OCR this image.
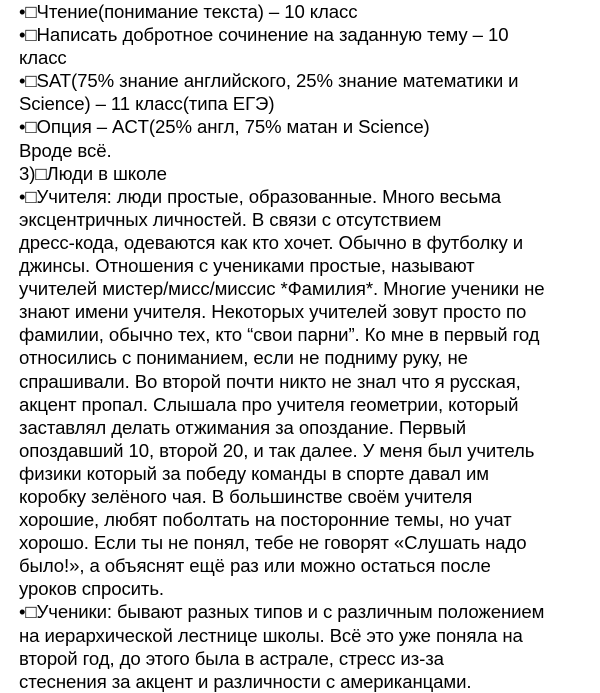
•□Чтение(понимание текста) – 10 класс
•□Написать добротное сочинение на заданную тему – 10
класс
•□SAT(75% знание английского, 25% знание математики и
Science) – 11 класс(типа ЕГЭ)
•□Опция – ACT(25% англ, 75% матан и Science)
Вроде всё.
3)□Люди в школе
•□Учителя: люди простые, образованные. Много весьма
эксцентричных личностей. В связи с отсутствием
дресс-кода, одеваются как кто хочет. Обычно в футболку и
джинсы. Отношения с учениками простые, называют
учителей мистер/мисс/миссис *Фамилия*. Многие ученики не
знают имени учителя. Некоторых учителей зовут просто по
фамилии, обычно тех, кто “свои парни”. Ко мне в первый год
относились с пониманием, если не подниму руку, не
спрашивали. Во второй почти никто не знал что я русская,
акцент пропал. Слышала про учителя геометрии, который
заставлял делать отжимания за опоздание. Первый
опоздавший 10, второй 20, и так далее. У меня был учитель
физики который за победу команды в спорте давал им
коробку зелёного чая. В большинстве своём учителя
хорошие, любят поболтать на посторонние темы, но учат
хорошо. Если ты не понял, тебе не говорят «Слушать надо
было!», а объяснят ещё раз или можно остаться после
уроков спросить.
•□Ученики: бывают разных типов и с различным положением
на иерархической лестнице школы. Всё это уже поняла на
второй год, до этого была в астрале, стресс из-за
стеснения за акцент и различности с американцами.
